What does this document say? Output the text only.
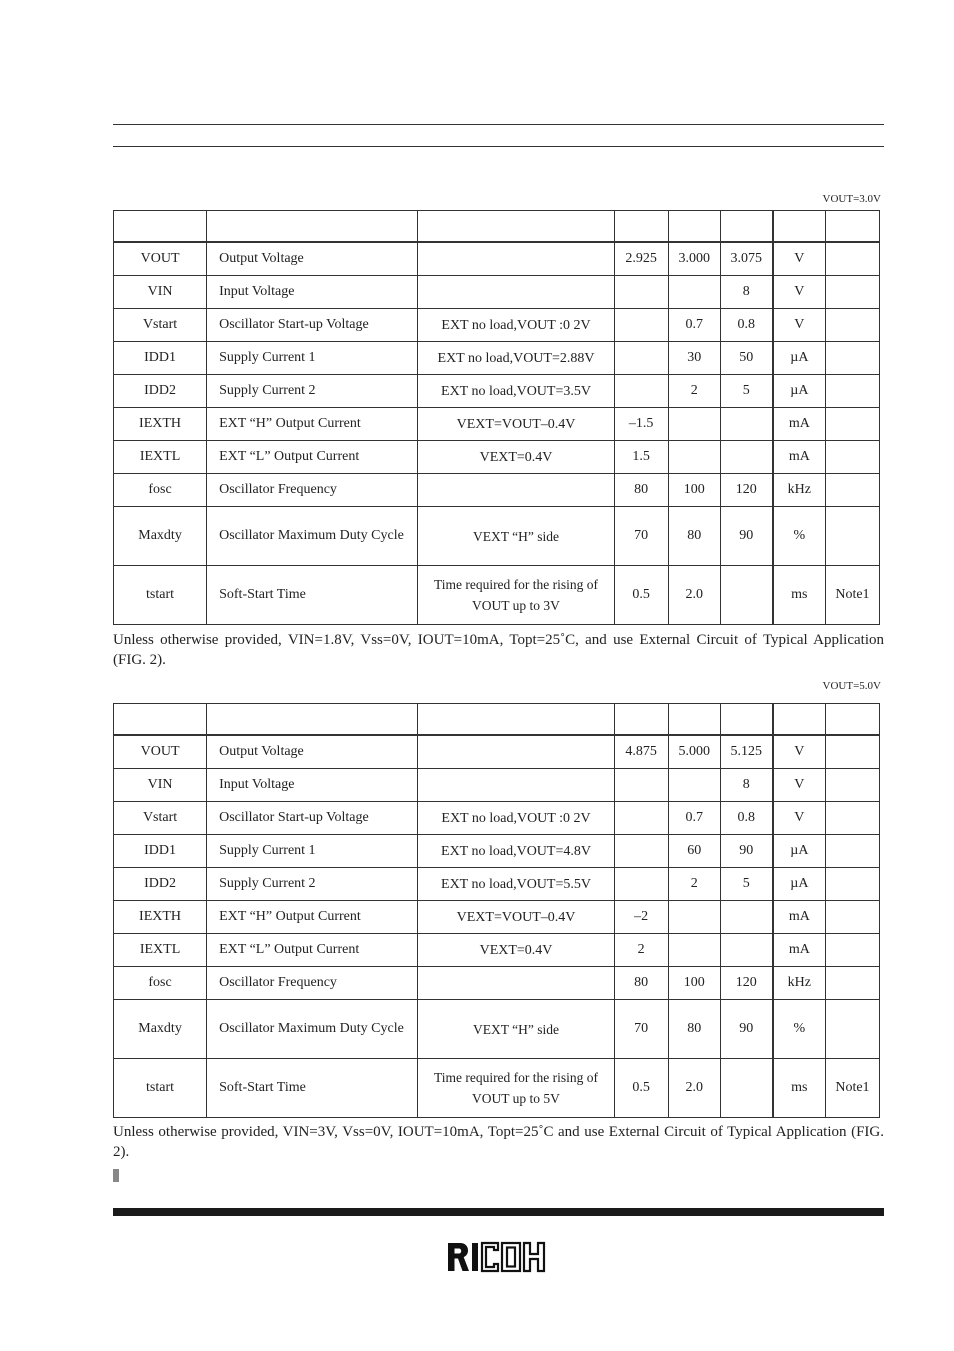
VOUT=3.0V

VOUT	Output Voltage		2.925	3.000	3.075	V	
VIN	Input Voltage				8	V	
Vstart	Oscillator Start-up Voltage	EXT no load,VOUT :0 2V		0.7	0.8	V	
IDD1	Supply Current 1	EXT no load,VOUT=2.88V		30	50	µA	
IDD2	Supply Current 2	EXT no load,VOUT=3.5V		2	5	µA	
IEXTH	EXT “H” Output Current	VEXT=VOUT–0.4V	–1.5			mA	
IEXTL	EXT “L” Output Current	VEXT=0.4V	1.5			mA	
fosc	Oscillator Frequency		80	100	120	kHz	
Maxdty	Oscillator Maximum Duty Cycle	VEXT “H” side	70	80	90	%	
tstart	Soft-Start Time	Time required for the rising of VOUT up to 3V	0.5	2.0		ms	Note1
Unless otherwise provided, VIN=1.8V, Vss=0V, IOUT=10mA, Topt=25˚C, and use External Circuit of Typical Application (FIG. 2).
VOUT=5.0V

VOUT	Output Voltage		4.875	5.000	5.125	V	
VIN	Input Voltage				8	V	
Vstart	Oscillator Start-up Voltage	EXT no load,VOUT :0 2V		0.7	0.8	V	
IDD1	Supply Current 1	EXT no load,VOUT=4.8V		60	90	µA	
IDD2	Supply Current 2	EXT no load,VOUT=5.5V		2	5	µA	
IEXTH	EXT “H” Output Current	VEXT=VOUT–0.4V	–2			mA	
IEXTL	EXT “L” Output Current	VEXT=0.4V	2			mA	
fosc	Oscillator Frequency		80	100	120	kHz	
Maxdty	Oscillator Maximum Duty Cycle	VEXT “H” side	70	80	90	%	
tstart	Soft-Start Time	Time required for the rising of VOUT up to 5V	0.5	2.0		ms	Note1
Unless otherwise provided, VIN=3V, Vss=0V, IOUT=10mA, Topt=25˚C and use External Circuit of Typical Application (FIG. 2).
